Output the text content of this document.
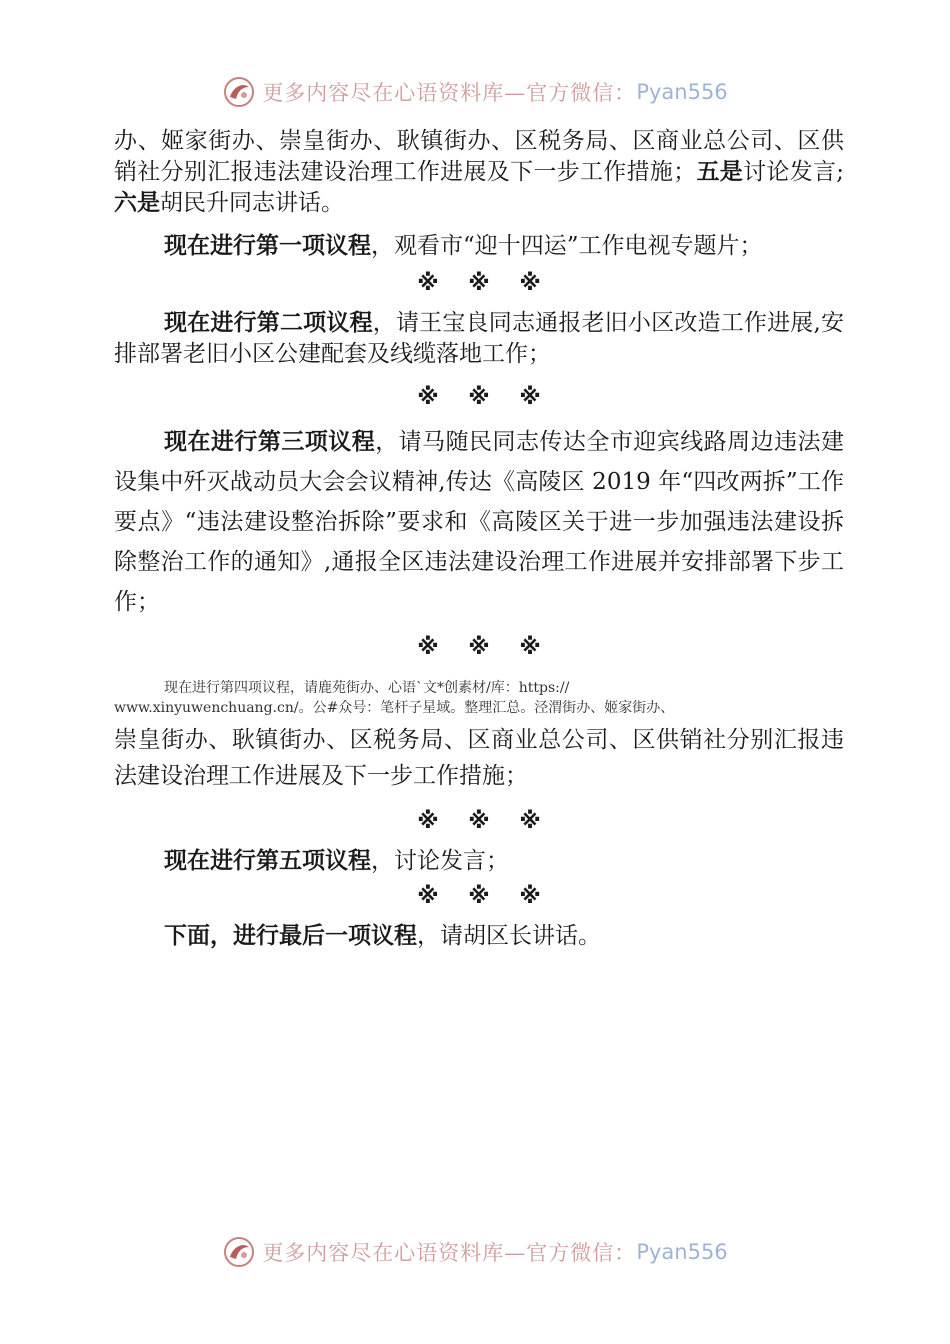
更多内容尽在心语资料库—官方微信： Pyan556

办、姬家街办、崇皇街办、耿镇街办、区税务局、区商业总公司、区供销社分别汇报违法建设治理工作进展及下一步工作措施；五是讨论发言;六是胡民升同志讲话。

现在进行第一项议程，观看市“迎十四运”工作电视专题片；

※ ※ ※

现在进行第二项议程，请王宝良同志通报老旧小区改造工作进展,安排部署老旧小区公建配套及线缆落地工作；

※ ※ ※

现在进行第三项议程，请马随民同志传达全市迎宾线路周边违法建设集中歼灭战动员大会会议精神,传达《高陵区 2019 年“四改两拆”工作要点》“违法建设整治拆除”要求和《高陵区关于进一步加强违法建设拆除整治工作的通知》,通报全区违法建设治理工作进展并安排部署下步工作；

※ ※ ※
现在进行第四项议程，请鹿苑街办、心语`文*创素材/库：https://
www.xinyuwenchuang.cn/。公#众号：笔杆子星域。整理汇总。泾渭街办、姬家街办、

崇皇街办、耿镇街办、区税务局、区商业总公司、区供销社分别汇报违法建设治理工作进展及下一步工作措施；

※ ※ ※

现在进行第五项议程，讨论发言；

※ ※ ※

下面，进行最后一项议程，请胡区长讲话。

更多内容尽在心语资料库—官方微信： Pyan556
